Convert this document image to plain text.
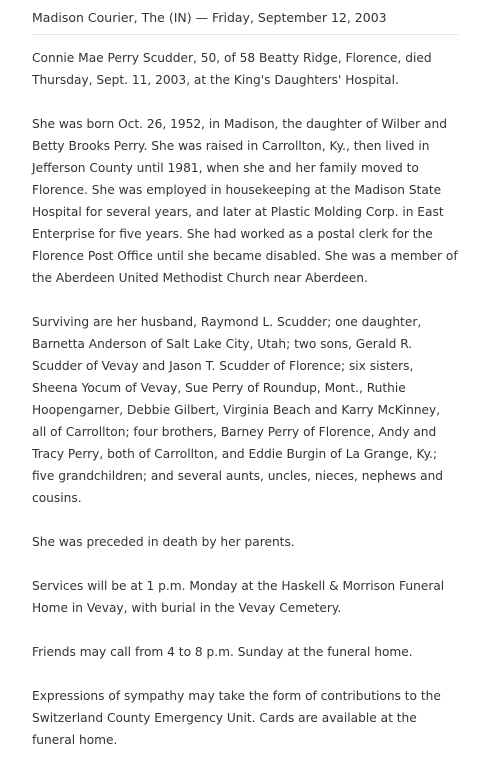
Madison Courier, The (IN) — Friday, September 12, 2003

Connie Mae Perry Scudder, 50, of 58 Beatty Ridge, Florence, died Thursday, Sept. 11, 2003, at the King's Daughters' Hospital.

She was born Oct. 26, 1952, in Madison, the daughter of Wilber and Betty Brooks Perry. She was raised in Carrollton, Ky., then lived in Jefferson County until 1981, when she and her family moved to Florence. She was employed in housekeeping at the Madison State Hospital for several years, and later at Plastic Molding Corp. in East Enterprise for five years. She had worked as a postal clerk for the Florence Post Office until she became disabled. She was a member of the Aberdeen United Methodist Church near Aberdeen.

Surviving are her husband, Raymond L. Scudder; one daughter, Barnetta Anderson of Salt Lake City, Utah; two sons, Gerald R. Scudder of Vevay and Jason T. Scudder of Florence; six sisters, Sheena Yocum of Vevay, Sue Perry of Roundup, Mont., Ruthie Hoopengarner, Debbie Gilbert, Virginia Beach and Karry McKinney, all of Carrollton; four brothers, Barney Perry of Florence, Andy and Tracy Perry, both of Carrollton, and Eddie Burgin of La Grange, Ky.; five grandchildren; and several aunts, uncles, nieces, nephews and cousins.

She was preceded in death by her parents.

Services will be at 1 p.m. Monday at the Haskell & Morrison Funeral Home in Vevay, with burial in the Vevay Cemetery.

Friends may call from 4 to 8 p.m. Sunday at the funeral home.

Expressions of sympathy may take the form of contributions to the Switzerland County Emergency Unit. Cards are available at the funeral home.
